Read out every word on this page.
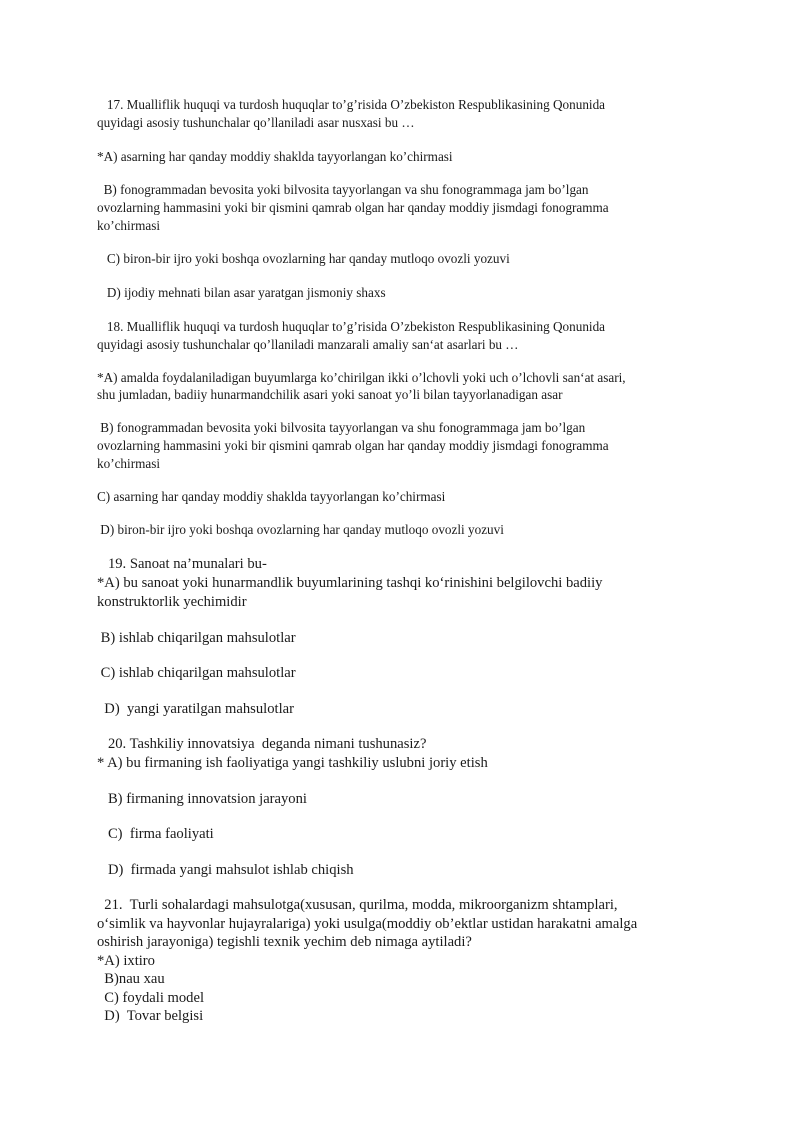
17. Mualliflik huquqi va turdosh huquqlar to’g’risida O’zbekiston Respublikasining Qonunida
quyidagi asosiy tushunchalar qo’llaniladi asar nusxasi bu …
*A) asarning har qanday moddiy shaklda tayyorlangan ko’chirmasi
B) fonogrammadan bevosita yoki bilvosita tayyorlangan va shu fonogrammaga jam bo’lgan
ovozlarning hammasini yoki bir qismini qamrab olgan har qanday moddiy jismdagi fonogramma
ko’chirmasi
C) biron-bir ijro yoki boshqa ovozlarning har qanday mutloqo ovozli yozuvi
D) ijodiy mehnati bilan asar yaratgan jismoniy shaxs
18. Mualliflik huquqi va turdosh huquqlar to’g’risida O’zbekiston Respublikasining Qonunida
quyidagi asosiy tushunchalar qo’llaniladi manzarali amaliy san‘at asarlari bu …
*A) amalda foydalaniladigan buyumlarga ko’chirilgan ikki o’lchovli yoki uch o’lchovli san‘at asari,
shu jumladan, badiiy hunarmandchilik asari yoki sanoat yo’li bilan tayyorlanadigan asar
B) fonogrammadan bevosita yoki bilvosita tayyorlangan va shu fonogrammaga jam bo’lgan
ovozlarning hammasini yoki bir qismini qamrab olgan har qanday moddiy jismdagi fonogramma
ko’chirmasi
C) asarning har qanday moddiy shaklda tayyorlangan ko’chirmasi
D) biron-bir ijro yoki boshqa ovozlarning har qanday mutloqo ovozli yozuvi
19. Sanoat na’munalari bu-
*A) bu sanoat yoki hunarmandlik buyumlarining tashqi ko‘rinishini belgilovchi badiiy
konstruktorlik yechimidir
B) ishlab chiqarilgan mahsulotlar
C) ishlab chiqarilgan mahsulotlar
D)  yangi yaratilgan mahsulotlar
20. Tashkiliy innovatsiya  deganda nimani tushunasiz?
* A) bu firmaning ish faoliyatiga yangi tashkiliy uslubni joriy etish
B) firmaning innovatsion jarayoni
C)  firma faoliyati
D)  firmada yangi mahsulot ishlab chiqish
21.  Turli sohalardagi mahsulotga(xususan, qurilma, modda, mikroorganizm shtamplari,
o‘simlik va hayvonlar hujayralariga) yoki usulga(moddiy ob’ektlar ustidan harakatni amalga
oshirish jarayoniga) tegishli texnik yechim deb nimaga aytiladi?
*A) ixtiro
B)nau xau
C) foydali model
D)  Tovar belgisi
